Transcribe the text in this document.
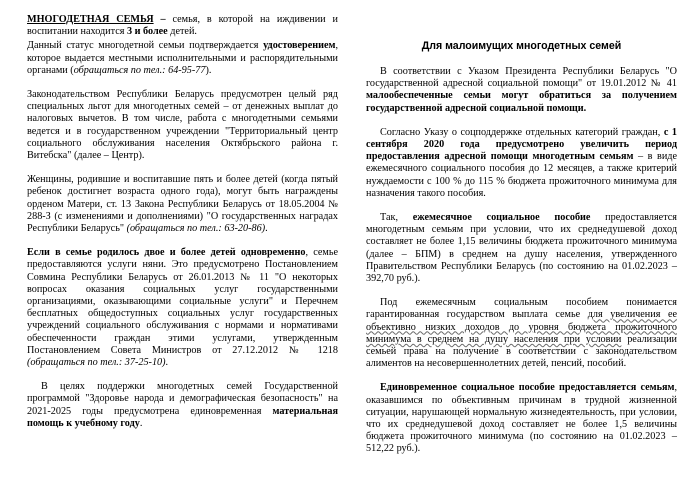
МНОГОДЕТНАЯ СЕМЬЯ – семья, в которой на иждивении и воспитании находится 3 и более детей.

Данный статус многодетной семьи подтверждается удостоверением, которое выдается местными исполнительными и распорядительными органами (обращаться по тел.: 64-95-77).

Законодательством Республики Беларусь предусмотрен целый ряд специальных льгот для многодетных семей – от денежных выплат до налоговых вычетов. В том числе, работа с многодетными семьями ведется и в государственном учреждении "Территориальный центр социального обслуживания населения Октябрьского района г. Витебска" (далее – Центр).

Женщины, родившие и воспитавшие пять и более детей (когда пятый ребенок достигнет возраста одного года), могут быть награждены орденом Матери, ст. 13 Закона Республики Беларусь от 18.05.2004 № 288-З (с изменениями и дополнениями) "О государственных наградах Республики Беларусь" (обращаться по тел.: 63-20-86).

Если в семье родилось двое и более детей одновременно, семье предоставляются услуги няни. Это предусмотрено Постановлением Совмина Республики Беларусь от 26.01.2013 № 11 "О некоторых вопросах оказания социальных услуг государственными организациями, оказывающими социальные услуги" и Перечнем бесплатных общедоступных социальных услуг государственных учреждений социального обслуживания с нормами и нормативами обеспеченности граждан этими услугами, утвержденным Постановлением Совета Министров от 27.12.2012 № 1218 (обращаться по тел.: 37-25-10).

В целях поддержки многодетных семей Государственной программой "Здоровье народа и демографическая безопасность" на 2021-2025 годы предусмотрена единовременная материальная помощь к учебному году.

Для малоимущих многодетных семей

В соответствии с Указом Президента Республики Беларусь "О государственной адресной социальной помощи" от 19.01.2012 № 41 малообеспеченные семьи могут обратиться за получением государственной адресной социальной помощи.

Согласно Указу о соцподдержке отдельных категорий граждан, с 1 сентября 2020 года предусмотрено увеличить период предоставления адресной помощи многодетным семьям – в виде ежемесячного социального пособия до 12 месяцев, а также критерий нуждаемости с 100 % до 115 % бюджета прожиточного минимума для назначения такого пособия.

Так, ежемесячное социальное пособие предоставляется многодетным семьям при условии, что их среднедушевой доход составляет не более 1,15 величины бюджета прожиточного минимума (далее – БПМ) в среднем на душу населения, утвержденного Правительством Республики Беларусь (по состоянию на 01.02.2023 – 392,70 руб.).

Под ежемесячным социальным пособием понимается гарантированная государством выплата семье для увеличения ее объективно низких доходов до уровня бюджета прожиточного минимума в среднем на душу населения при условии реализации семьей права на получение в соответствии с законодательством алиментов на несовершеннолетних детей, пенсий, пособий.

Единовременное социальное пособие предоставляется семьям, оказавшимся по объективным причинам в трудной жизненной ситуации, нарушающей нормальную жизнедеятельность, при условии, что их среднедушевой доход составляет не более 1,5 величины бюджета прожиточного минимума (по состоянию на 01.02.2023 – 512,22 руб.).
